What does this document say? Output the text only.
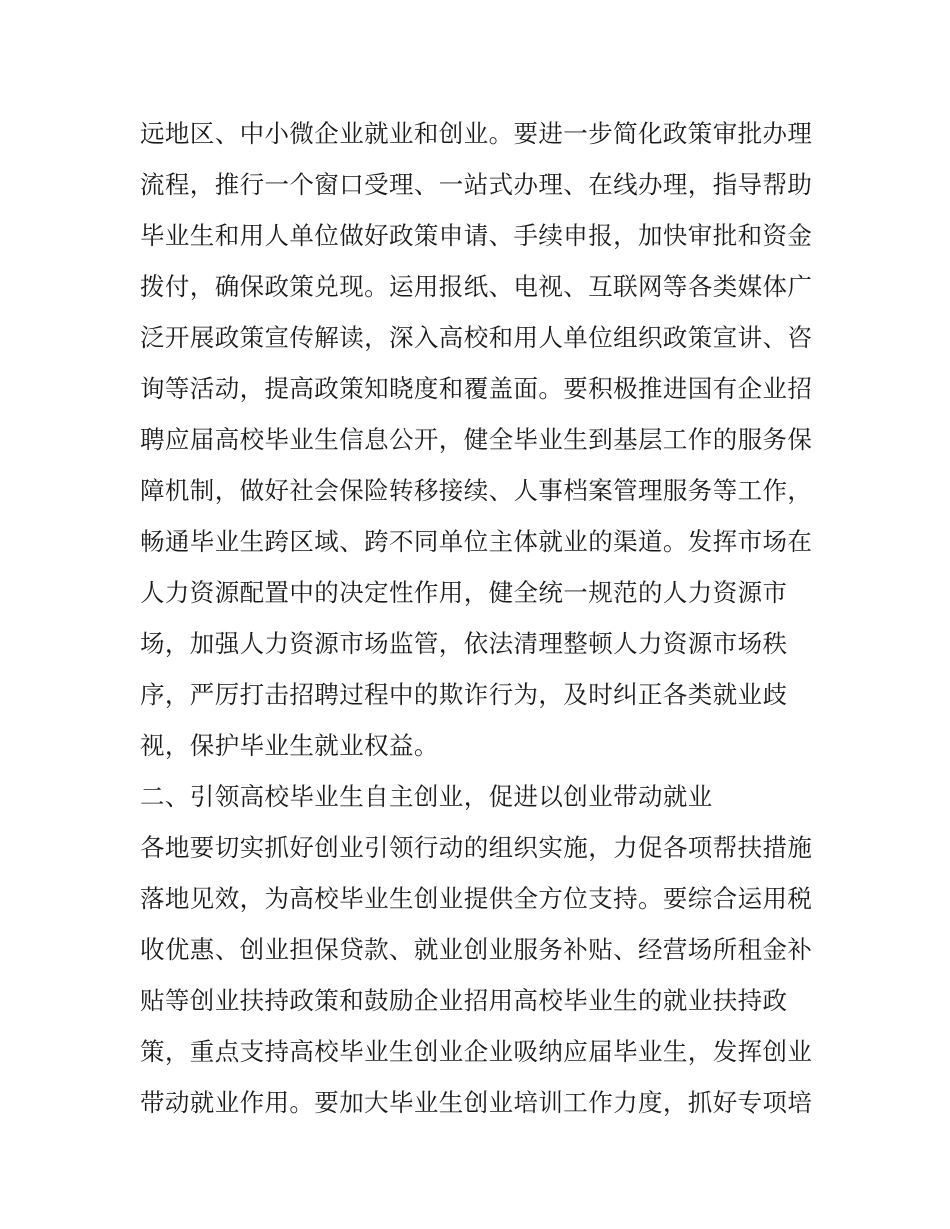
远地区、中小微企业就业和创业。要进一步简化政策审批办理
流程，推行一个窗口受理、一站式办理、在线办理，指导帮助
毕业生和用人单位做好政策申请、手续申报，加快审批和资金
拨付，确保政策兑现。运用报纸、电视、互联网等各类媒体广
泛开展政策宣传解读，深入高校和用人单位组织政策宣讲、咨
询等活动，提高政策知晓度和覆盖面。要积极推进国有企业招
聘应届高校毕业生信息公开，健全毕业生到基层工作的服务保
障机制，做好社会保险转移接续、人事档案管理服务等工作，
畅通毕业生跨区域、跨不同单位主体就业的渠道。发挥市场在
人力资源配置中的决定性作用，健全统一规范的人力资源市
场，加强人力资源市场监管，依法清理整顿人力资源市场秩
序，严厉打击招聘过程中的欺诈行为，及时纠正各类就业歧
视，保护毕业生就业权益。
二、引领高校毕业生自主创业，促进以创业带动就业
各地要切实抓好创业引领行动的组织实施，力促各项帮扶措施
落地见效，为高校毕业生创业提供全方位支持。要综合运用税
收优惠、创业担保贷款、就业创业服务补贴、经营场所租金补
贴等创业扶持政策和鼓励企业招用高校毕业生的就业扶持政
策，重点支持高校毕业生创业企业吸纳应届毕业生，发挥创业
带动就业作用。要加大毕业生创业培训工作力度，抓好专项培
